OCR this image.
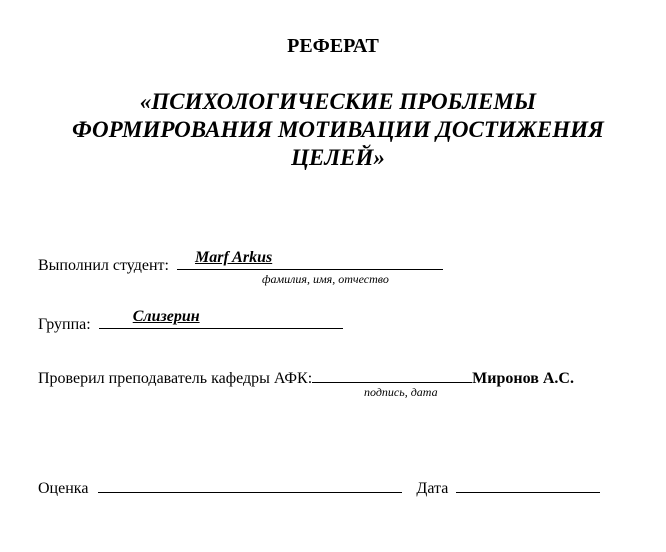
РЕФЕРАТ
«ПСИХОЛОГИЧЕСКИЕ ПРОБЛЕМЫ
ФОРМИРОВАНИЯ МОТИВАЦИИ ДОСТИЖЕНИЯ
ЦЕЛЕЙ»
Выполнил студент: Marf Arkus
фамилия, имя, отчество
Группа:	Слизерин
Проверил преподаватель кафедры АФК:	Миронов А.С.
подпись, дата
Оценка	Дата
